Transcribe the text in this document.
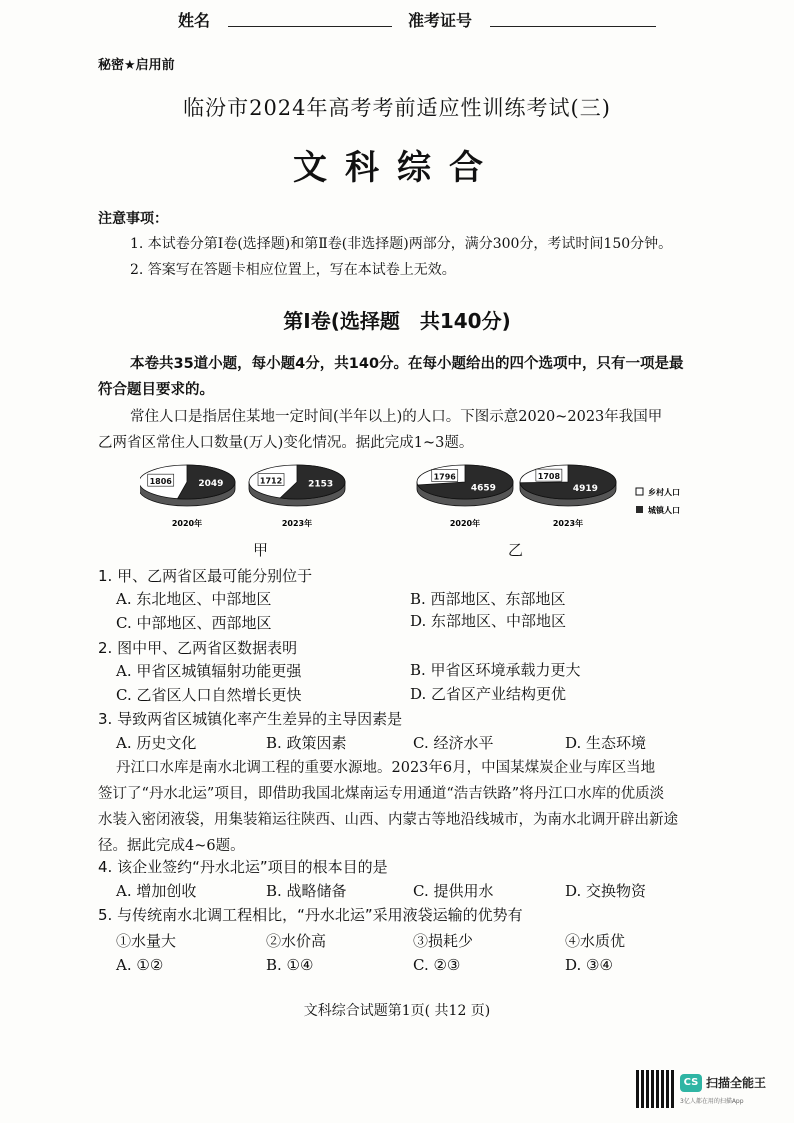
姓名	准考证号
秘密★启用前
临汾市2024年高考考前适应性训练考试(三)
文科综合
注意事项：
1. 本试卷分第Ⅰ卷(选择题)和第Ⅱ卷(非选择题)两部分，满分300分，考试时间150分钟。
2. 答案写在答题卡相应位置上，写在本试卷上无效。
第Ⅰ卷(选择题　共140分)
本卷共35道小题，每小题4分，共140分。在每小题给出的四个选项中，只有一项是最
符合题目要求的。
常住人口是指居住某地一定时间(半年以上)的人口。下图示意2020~2023年我国甲
乙两省区常住人口数量(万人)变化情况。据此完成1~3题。
2049
1806	2153
1712
4659
1796
4919
1708
2020年	2023年	2020年	2023年
乡村人口
城镇人口
甲	乙
1. 甲、乙两省区最可能分别位于
A. 东北地区、中部地区	B. 西部地区、东部地区
C. 中部地区、西部地区	D. 东部地区、中部地区
2. 图中甲、乙两省区数据表明
A. 甲省区城镇辐射功能更强	B. 甲省区环境承载力更大
C. 乙省区人口自然增长更快	D. 乙省区产业结构更优
3. 导致两省区城镇化率产生差异的主导因素是
A. 历史文化	B. 政策因素	C. 经济水平	D. 生态环境
丹江口水库是南水北调工程的重要水源地。2023年6月，中国某煤炭企业与库区当地
签订了“丹水北运”项目，即借助我国北煤南运专用通道“浩吉铁路”将丹江口水库的优质淡
水装入密闭液袋，用集装箱运往陕西、山西、内蒙古等地沿线城市，为南水北调开辟出新途
径。据此完成4~6题。
4. 该企业签约“丹水北运”项目的根本目的是
A. 增加创收	B. 战略储备	C. 提供用水	D. 交换物资
5. 与传统南水北调工程相比，“丹水北运”采用液袋运输的优势有
①水量大	②水价高	③损耗少	④水质优
A. ①②	B. ①④	C. ②③	D. ③④
文科综合试题第1页( 共12 页)
CS 扫描全能王
3亿人都在用的扫描App
